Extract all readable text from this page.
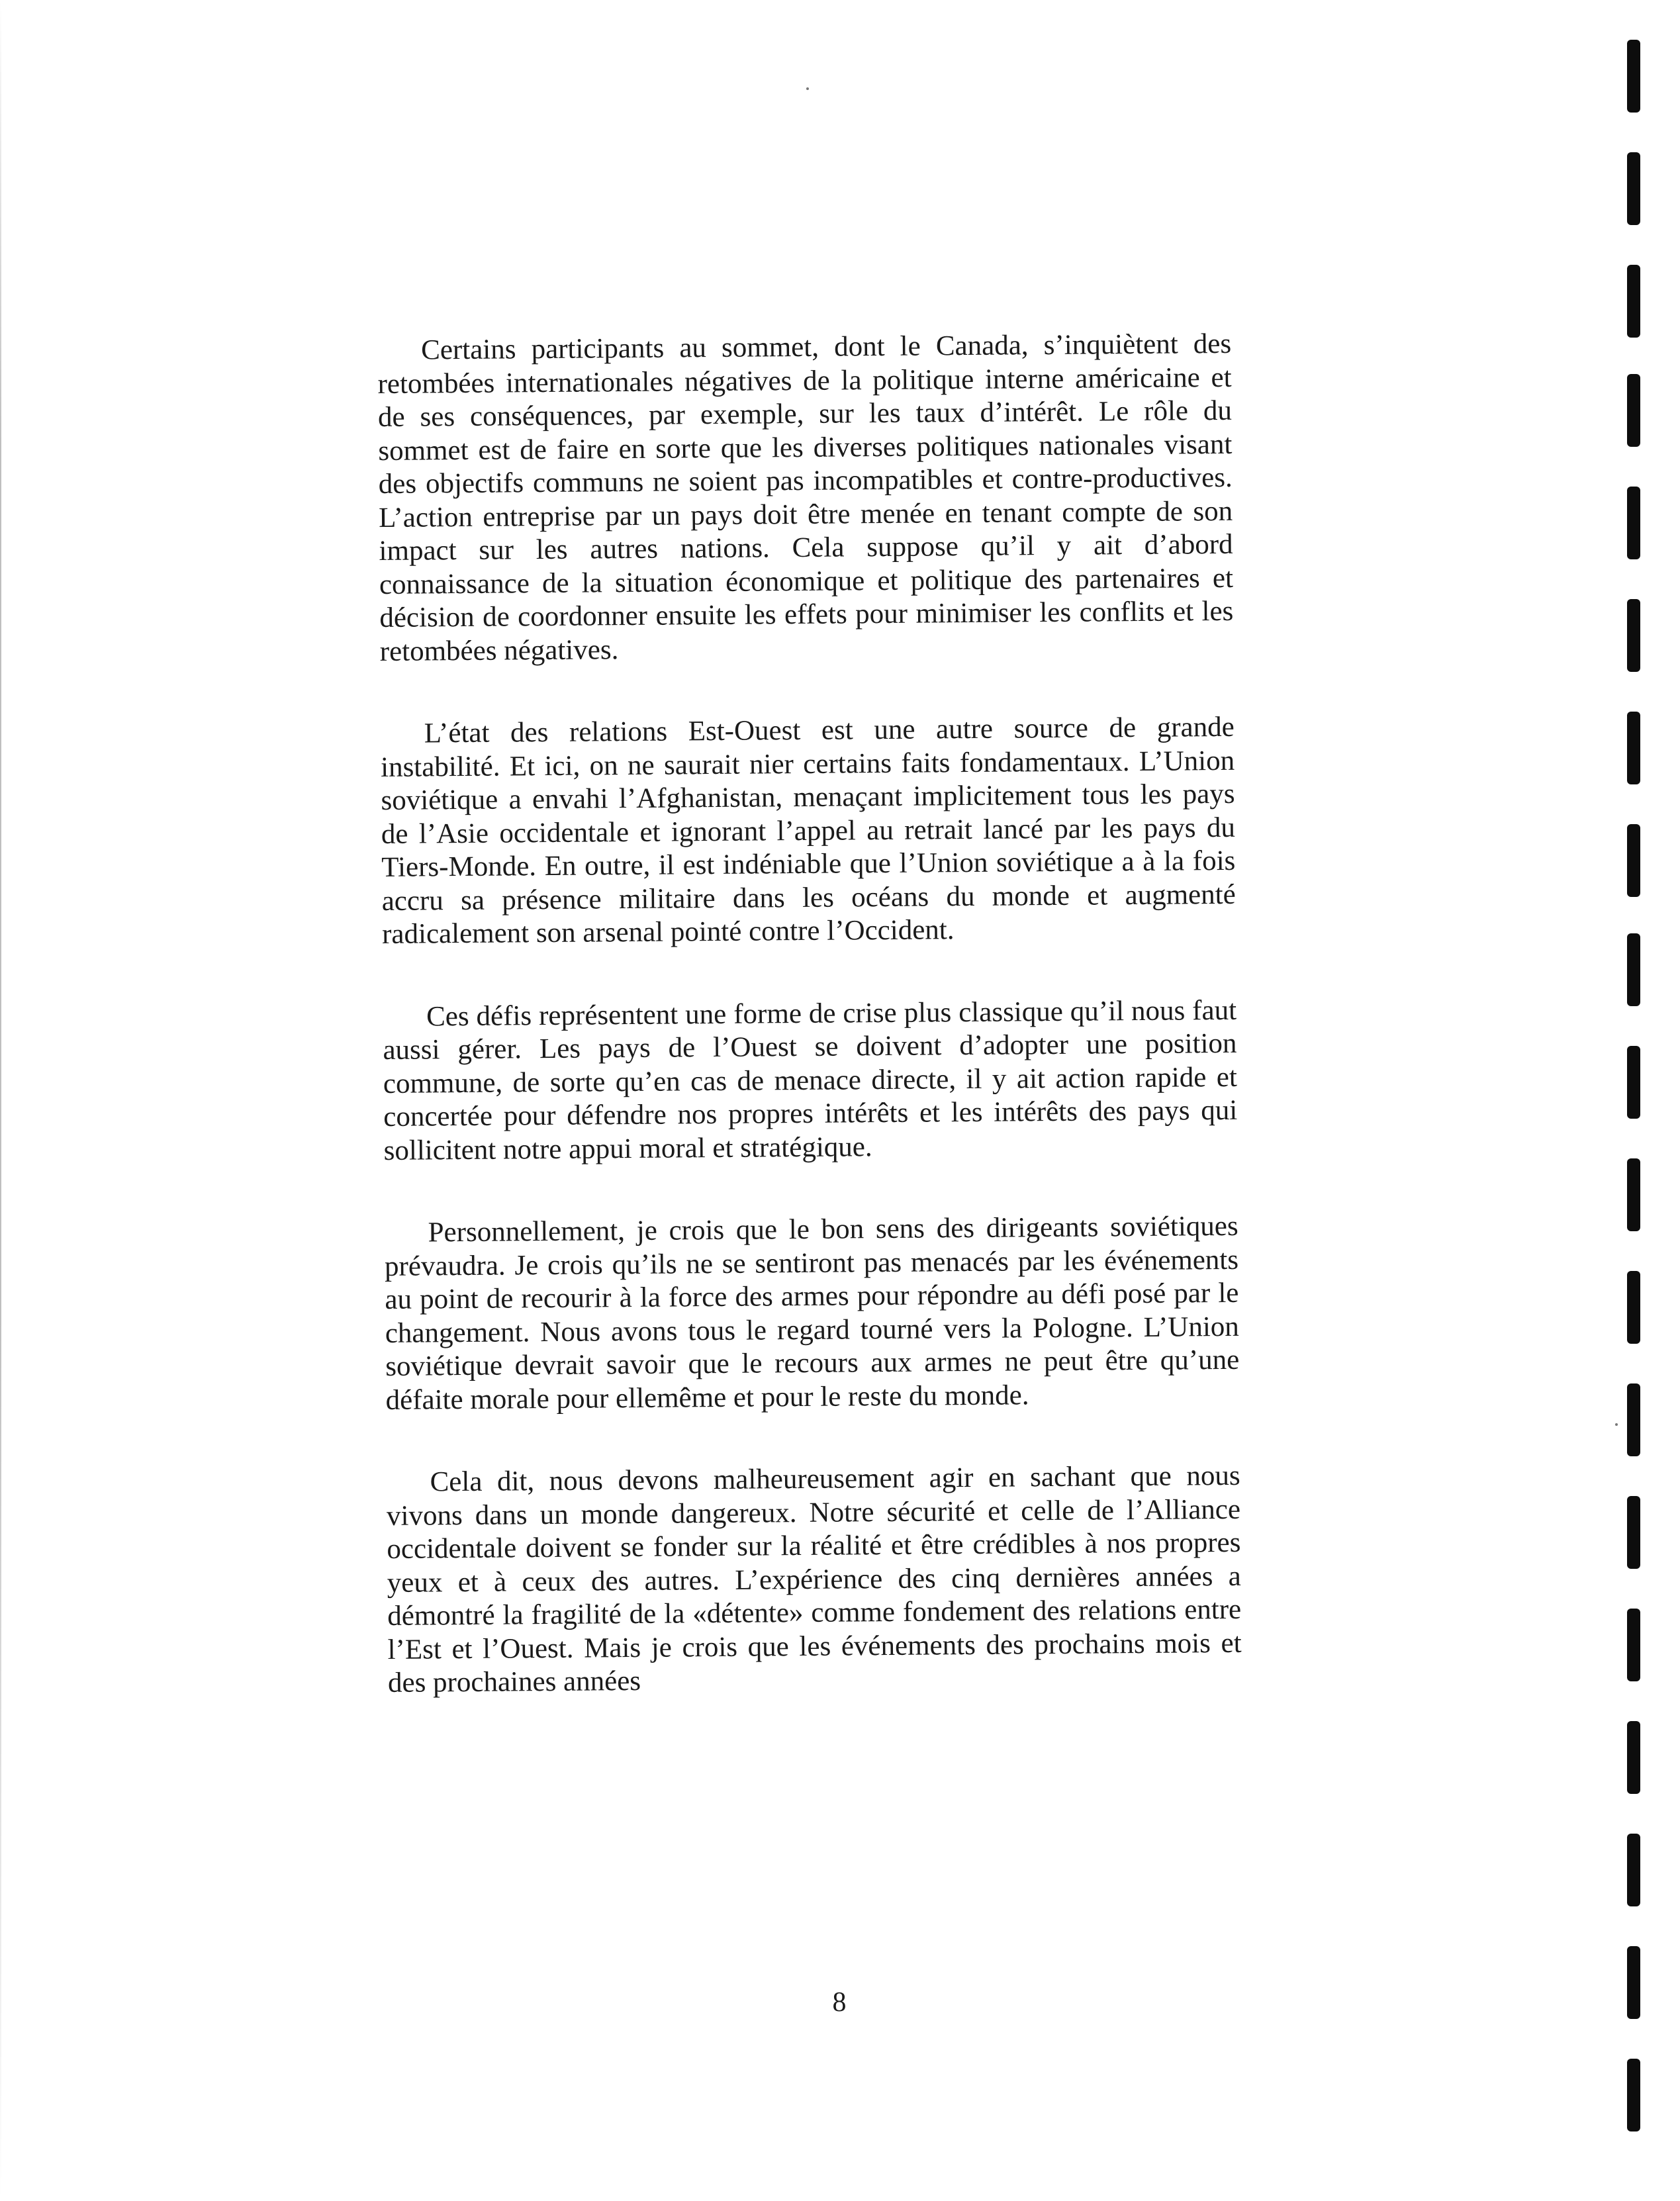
Certains participants au sommet, dont le Canada, s’inquiètent des retombées internationales négatives de la politique interne américaine et de ses conséquences, par exemple, sur les taux d’intérêt. Le rôle du sommet est de faire en sorte que les diverses politiques nationales visant des objectifs communs ne soient pas incompatibles et contre-productives. L’action entreprise par un pays doit être menée en tenant compte de son impact sur les autres nations. Cela suppose qu’il y ait d’abord connaissance de la situation économique et politique des partenaires et décision de coordonner ensuite les effets pour minimiser les conflits et les retombées négatives.

L’état des relations Est-Ouest est une autre source de grande instabilité. Et ici, on ne saurait nier certains faits fondamentaux. L’Union soviétique a envahi l’Afghanistan, menaçant implicitement tous les pays de l’Asie occidentale et ignorant l’appel au retrait lancé par les pays du Tiers-Monde. En outre, il est indéniable que l’Union soviétique a à la fois accru sa présence militaire dans les océans du monde et augmenté radicalement son arsenal pointé contre l’Occident.

Ces défis représentent une forme de crise plus classique qu’il nous faut aussi gérer. Les pays de l’Ouest se doivent d’adopter une position commune, de sorte qu’en cas de menace directe, il y ait action rapide et concertée pour défendre nos propres intérêts et les intérêts des pays qui sollicitent notre appui moral et stratégique.

Personnellement, je crois que le bon sens des dirigeants soviétiques prévaudra. Je crois qu’ils ne se sentiront pas menacés par les événements au point de recourir à la force des armes pour répondre au défi posé par le changement. Nous avons tous le regard tourné vers la Pologne. L’Union soviétique devrait savoir que le recours aux armes ne peut être qu’une défaite morale pour ellemême et pour le reste du monde.

Cela dit, nous devons malheureusement agir en sachant que nous vivons dans un monde dangereux. Notre sécurité et celle de l’Alliance occidentale doivent se fonder sur la réalité et être crédibles à nos propres yeux et à ceux des autres. L’expérience des cinq dernières années a démontré la fragilité de la «détente» comme fondement des relations entre l’Est et l’Ouest. Mais je crois que les événements des prochains mois et des prochaines années

8
